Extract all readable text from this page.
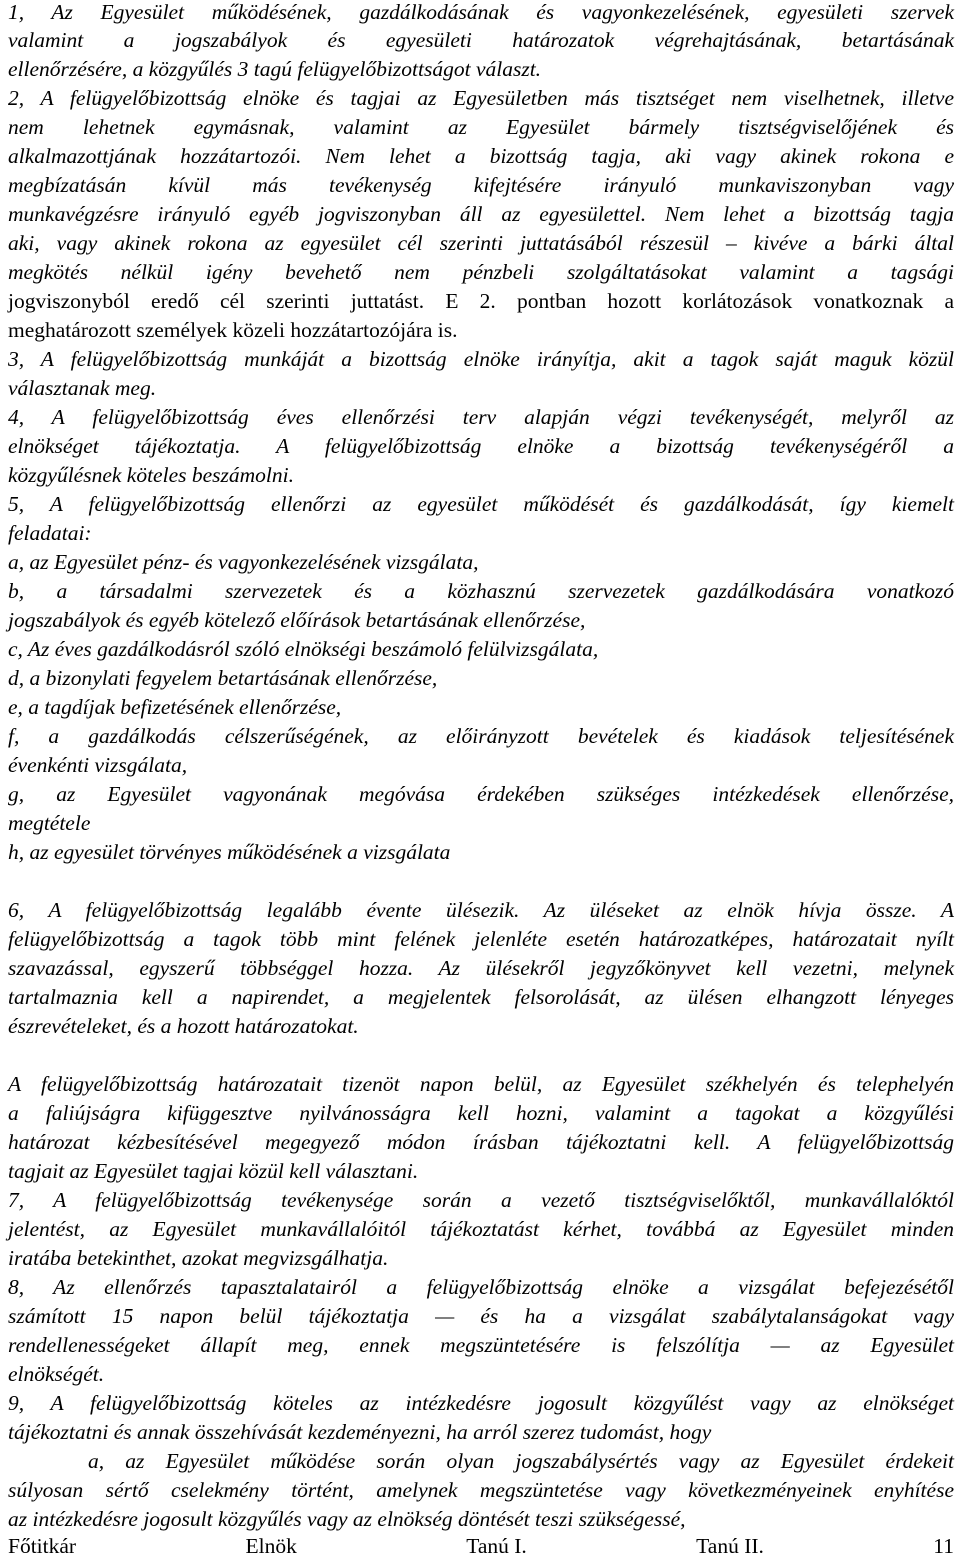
1, Az Egyesület működésének, gazdálkodásának és vagyonkezelésének, egyesületi szervek
valamint a jogszabályok és egyesületi határozatok végrehajtásának, betartásának
ellenőrzésére, a közgyűlés 3 tagú felügyelőbizottságot választ.
2, A felügyelőbizottság elnöke és tagjai az Egyesületben más tisztséget nem viselhetnek, illetve
nem lehetnek egymásnak, valamint az Egyesület bármely tisztségviselőjének és
alkalmazottjának hozzátartozói. Nem lehet a bizottság tagja, aki vagy akinek rokona e
megbízatásán kívül más tevékenység kifejtésére irányuló munkaviszonyban vagy
munkavégzésre irányuló egyéb jogviszonyban áll az egyesülettel. Nem lehet a bizottság tagja
aki, vagy akinek rokona az egyesület cél szerinti juttatásából részesül – kivéve a bárki által
megkötés nélkül igény bevehető nem pénzbeli szolgáltatásokat valamint a tagsági
jogviszonyból eredő cél szerinti juttatást. E 2. pontban hozott korlátozások vonatkoznak a
meghatározott személyek közeli hozzátartozójára is.
3, A felügyelőbizottság munkáját a bizottság elnöke irányítja, akit a tagok saját maguk közül
választanak meg.
4, A felügyelőbizottság éves ellenőrzési terv alapján végzi tevékenységét, melyről az
elnökséget tájékoztatja. A felügyelőbizottság elnöke a bizottság tevékenységéről a
közgyűlésnek köteles beszámolni.
5, A felügyelőbizottság ellenőrzi az egyesület működését és gazdálkodását, így kiemelt
feladatai:
a, az Egyesület pénz- és vagyonkezelésének vizsgálata,
b, a társadalmi szervezetek és a közhasznú szervezetek gazdálkodására vonatkozó
jogszabályok és egyéb kötelező előírások betartásának ellenőrzése,
c, Az éves gazdálkodásról szóló elnökségi beszámoló felülvizsgálata,
d, a bizonylati fegyelem betartásának ellenőrzése,
e, a tagdíjak befizetésének ellenőrzése,
f, a gazdálkodás célszerűségének, az előirányzott bevételek és kiadások teljesítésének
évenkénti vizsgálata,
g, az Egyesület vagyonának megóvása érdekében szükséges intézkedések ellenőrzése,
megtétele
h, az egyesület törvényes működésének a vizsgálata
6, A felügyelőbizottság legalább évente ülésezik. Az üléseket az elnök hívja össze. A
felügyelőbizottság a tagok több mint felének jelenléte esetén határozatképes, határozatait nyílt
szavazással, egyszerű többséggel hozza. Az ülésekről jegyzőkönyvet kell vezetni, melynek
tartalmaznia kell a napirendet, a megjelentek felsorolását, az ülésen elhangzott lényeges
észrevételeket, és a hozott határozatokat.
A felügyelőbizottság határozatait tizenöt napon belül, az Egyesület székhelyén és telephelyén
a faliújságra kifüggesztve nyilvánosságra kell hozni, valamint a tagokat a közgyűlési
határozat kézbesítésével megegyező módon írásban tájékoztatni kell. A felügyelőbizottság
tagjait az Egyesület tagjai közül kell választani.
7, A felügyelőbizottság tevékenysége során a vezető tisztségviselőktől, munkavállalóktól
jelentést, az Egyesület munkavállalóitól tájékoztatást kérhet, továbbá az Egyesület minden
iratába betekinthet, azokat megvizsgálhatja.
8, Az ellenőrzés tapasztalatairól a felügyelőbizottság elnöke a vizsgálat befejezésétől
számított 15 napon belül tájékoztatja — és ha a vizsgálat szabálytalanságokat vagy
rendellenességeket állapít meg, ennek megszüntetésére is felszólítja — az Egyesület
elnökségét.
9, A felügyelőbizottság köteles az intézkedésre jogosult közgyűlést vagy az elnökséget
tájékoztatni és annak összehívását kezdeményezni, ha arról szerez tudomást, hogy
a, az Egyesület működése során olyan jogszabálysértés vagy az Egyesület érdekeit
súlyosan sértő cselekmény történt, amelynek megszüntetése vagy következményeinek enyhítése
az intézkedésre jogosult közgyűlés vagy az elnökség döntését teszi szükségessé,
Főtitkár	Elnök	Tanú I.	Tanú II.	11
